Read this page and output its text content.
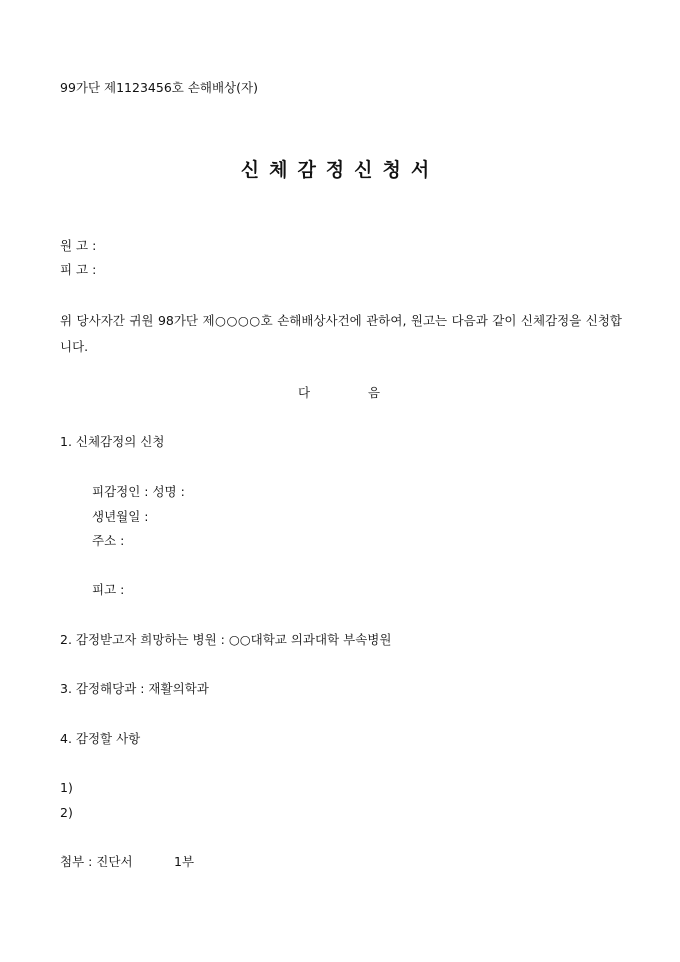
99가단 제1123456호 손해배상(자)
신체감정신청서
원 고 :
피 고 :
위 당사자간 귀원 98가단 제○○○○호 손해배상사건에 관하여, 원고는 다음과 같이 신체감정을 신청합니다.
다	음
1. 신체감정의 신청
피감정인 : 성명 :
생년월일 :
주소 :
피고 :
2. 감정받고자 희망하는 병원 : ○○대학교 의과대학 부속병원
3. 감정해당과 : 재활의학과
4. 감정할 사항
1)
2)
첨부 : 진단서	1부
